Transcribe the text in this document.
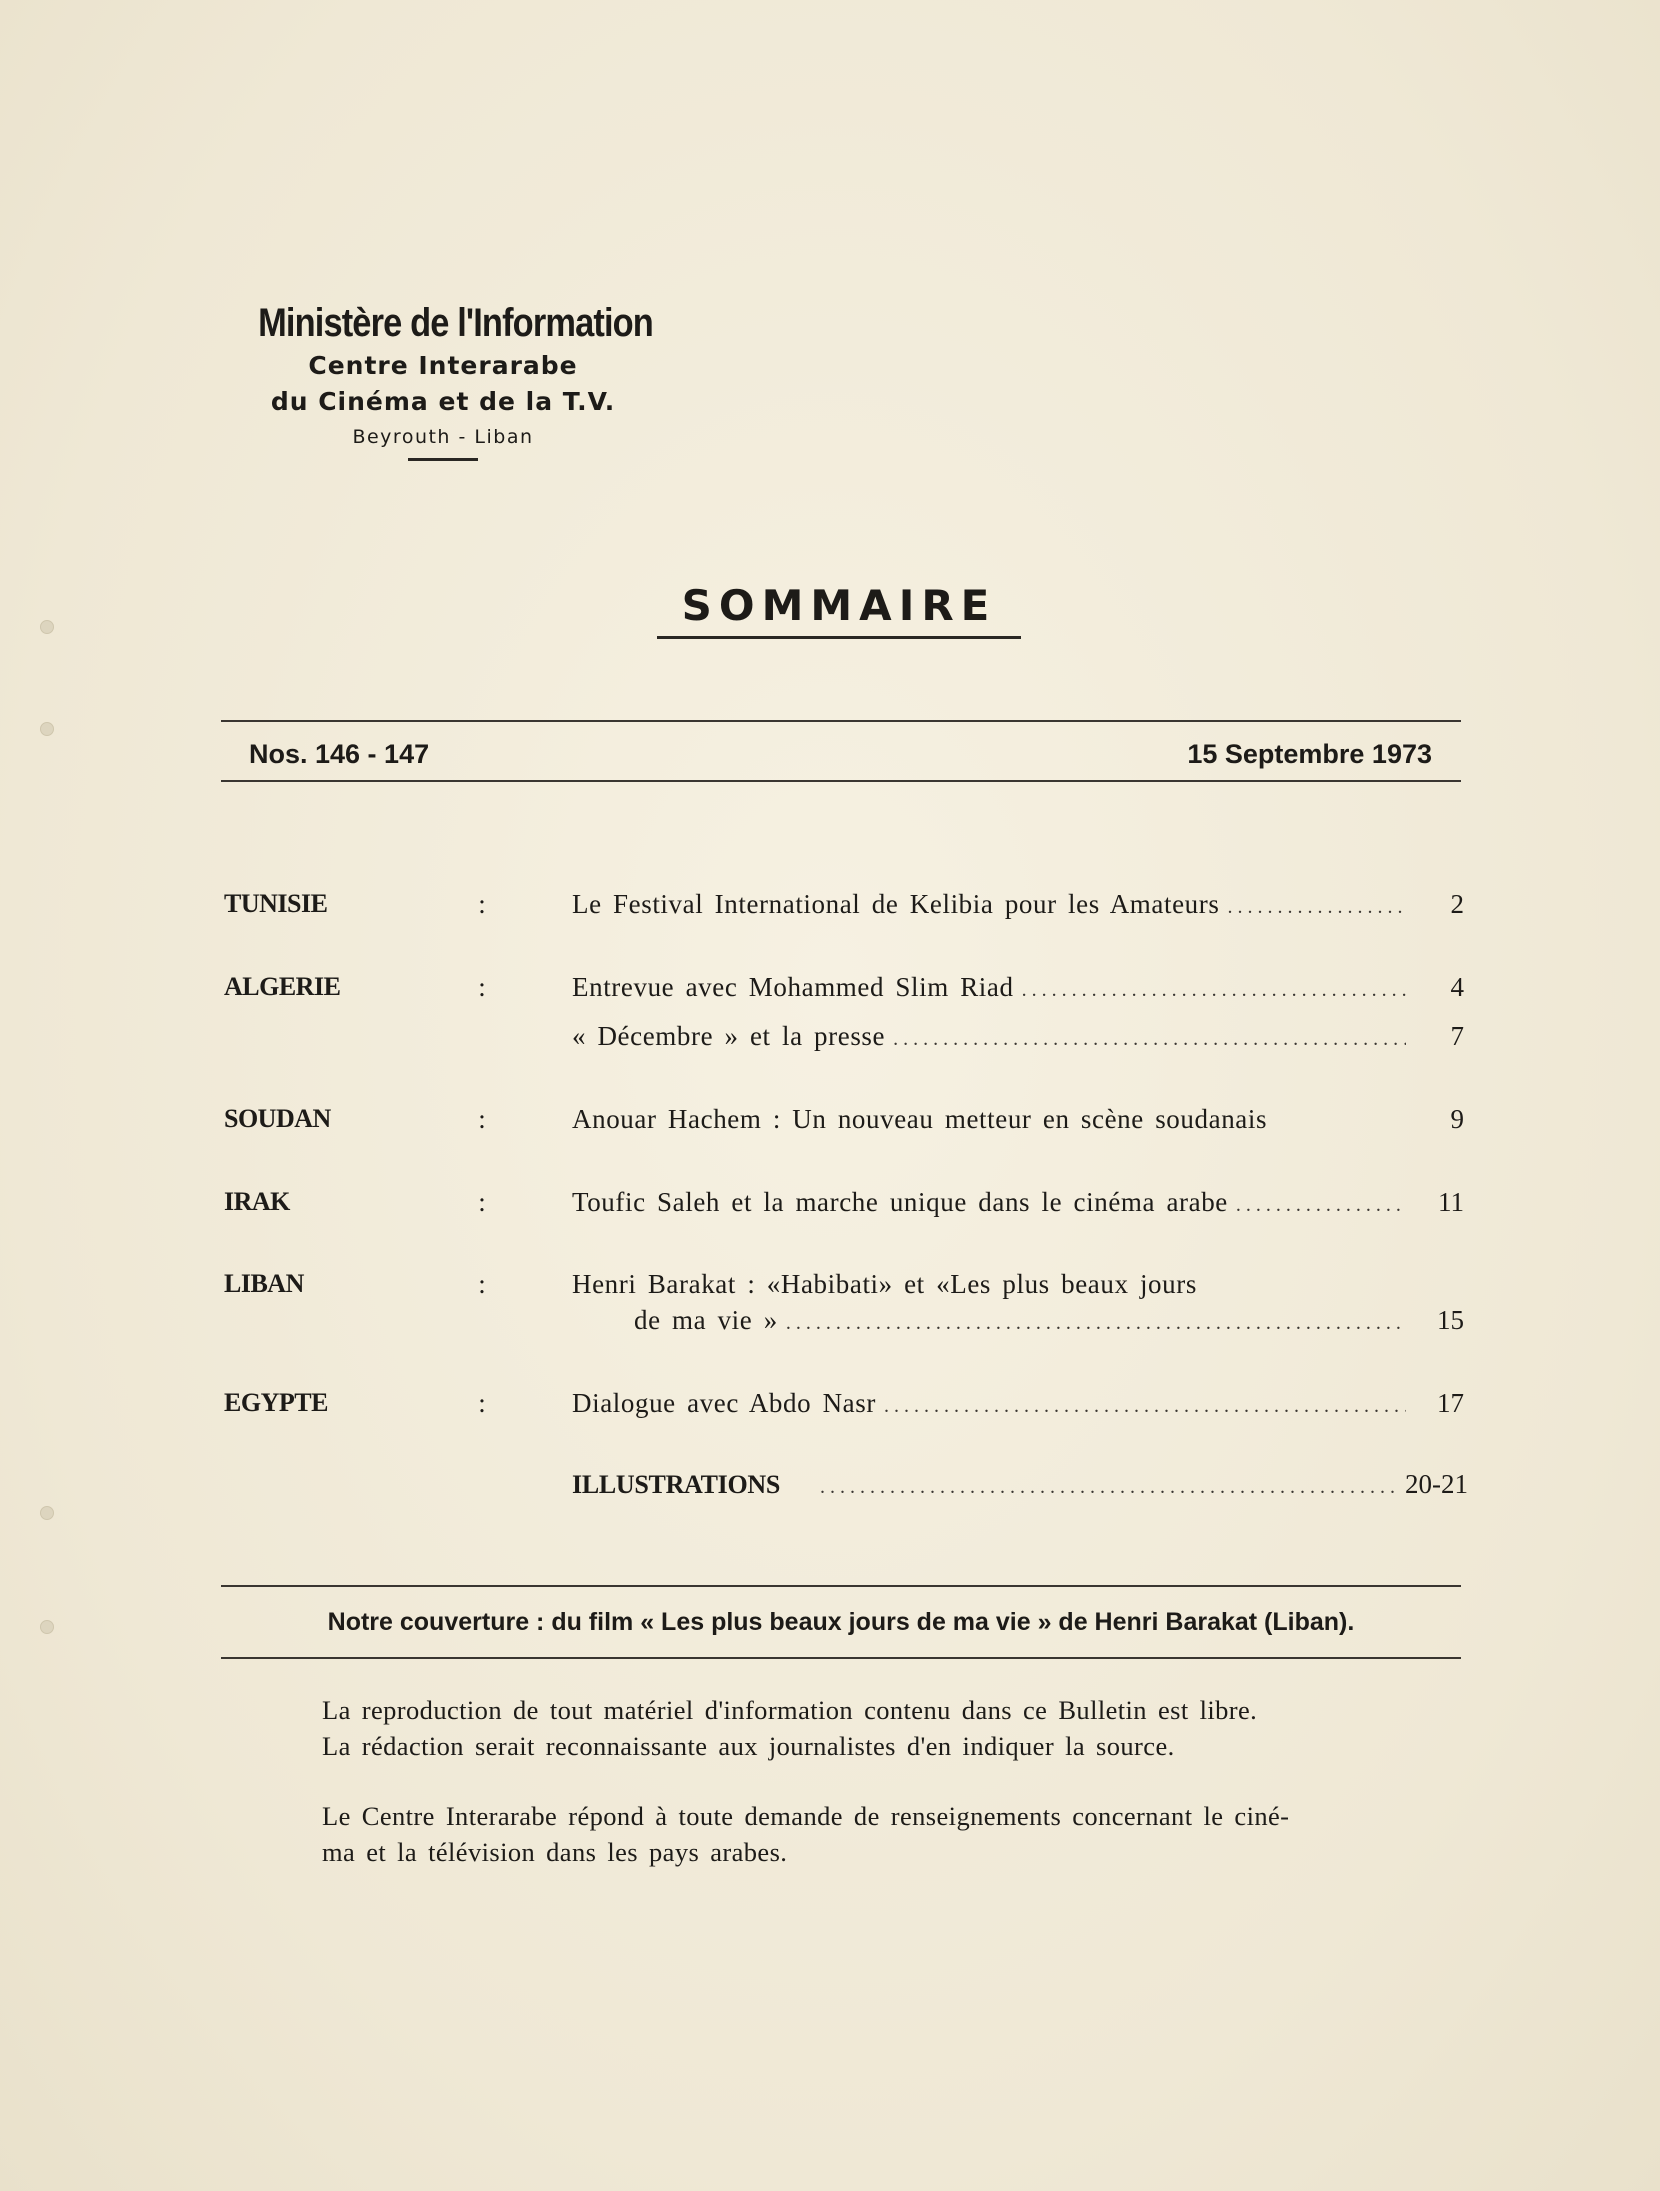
Ministère de l'Information
Centre Interarabe
du Cinéma et de la T.V.
Beyrouth - Liban
SOMMAIRE
Nos. 146 - 147	15 Septembre 1973
TUNISIE	:	Le Festival International de Kelibia pour les Amateurs . . .	2
ALGERIE	:	Entrevue avec Mohammed Slim Riad . . .	4
« Décembre » et la presse . . .	7
SOUDAN	:	Anouar Hachem : Un nouveau metteur en scène soudanais	9
IRAK	:	Toufic Saleh et la marche unique dans le cinéma arabe . . .	11
LIBAN	:	Henri Barakat : «Habibati» et «Les plus beaux jours
de ma vie » . . .	15
EGYPTE	:	Dialogue avec Abdo Nasr . . .	17
ILLUSTRATIONS . . .	20-21
Notre couverture : du film « Les plus beaux jours de ma vie » de Henri Barakat (Liban).
La reproduction de tout matériel d'information contenu dans ce Bulletin est libre.
La rédaction serait reconnaissante aux journalistes d'en indiquer la source.
Le Centre Interarabe répond à toute demande de renseignements concernant le ciné-
ma et la télévision dans les pays arabes.
